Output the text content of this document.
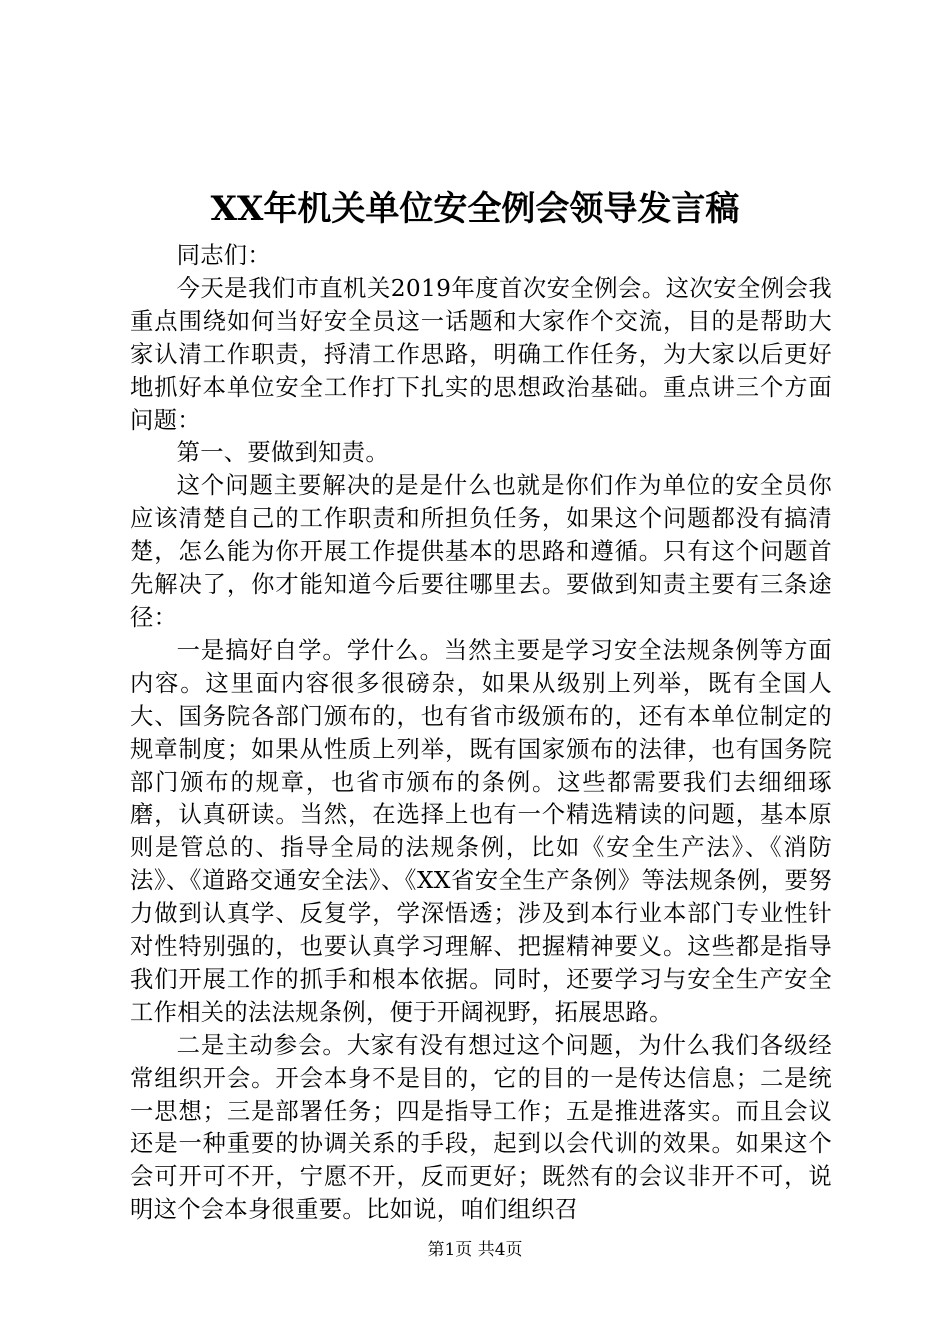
XX年机关单位安全例会领导发言稿

同志们：

今天是我们市直机关2019年度首次安全例会。这次安全例会我重点围绕如何当好安全员这一话题和大家作个交流，目的是帮助大家认清工作职责，捋清工作思路，明确工作任务，为大家以后更好地抓好本单位安全工作打下扎实的思想政治基础。重点讲三个方面问题：

第一、要做到知责。

这个问题主要解决的是是什么也就是你们作为单位的安全员你应该清楚自己的工作职责和所担负任务，如果这个问题都没有搞清楚，怎么能为你开展工作提供基本的思路和遵循。只有这个问题首先解决了，你才能知道今后要往哪里去。要做到知责主要有三条途径：

一是搞好自学。学什么。当然主要是学习安全法规条例等方面内容。这里面内容很多很磅杂，如果从级别上列举，既有全国人大、国务院各部门颁布的，也有省市级颁布的，还有本单位制定的规章制度；如果从性质上列举，既有国家颁布的法律，也有国务院部门颁布的规章，也省市颁布的条例。这些都需要我们去细细琢磨，认真研读。当然，在选择上也有一个精选精读的问题，基本原则是管总的、指导全局的法规条例，比如《安全生产法》、《消防法》、《道路交通安全法》、《XX省安全生产条例》等法规条例，要努力做到认真学、反复学，学深悟透；涉及到本行业本部门专业性针对性特别强的，也要认真学习理解、把握精神要义。这些都是指导我们开展工作的抓手和根本依据。同时，还要学习与安全生产安全工作相关的法法规条例，便于开阔视野，拓展思路。

二是主动参会。大家有没有想过这个问题，为什么我们各级经常组织开会。开会本身不是目的，它的目的一是传达信息；二是统一思想；三是部署任务；四是指导工作；五是推进落实。而且会议还是一种重要的协调关系的手段，起到以会代训的效果。如果这个会可开可不开，宁愿不开，反而更好；既然有的会议非开不可，说明这个会本身很重要。比如说，咱们组织召

第1页 共4页
